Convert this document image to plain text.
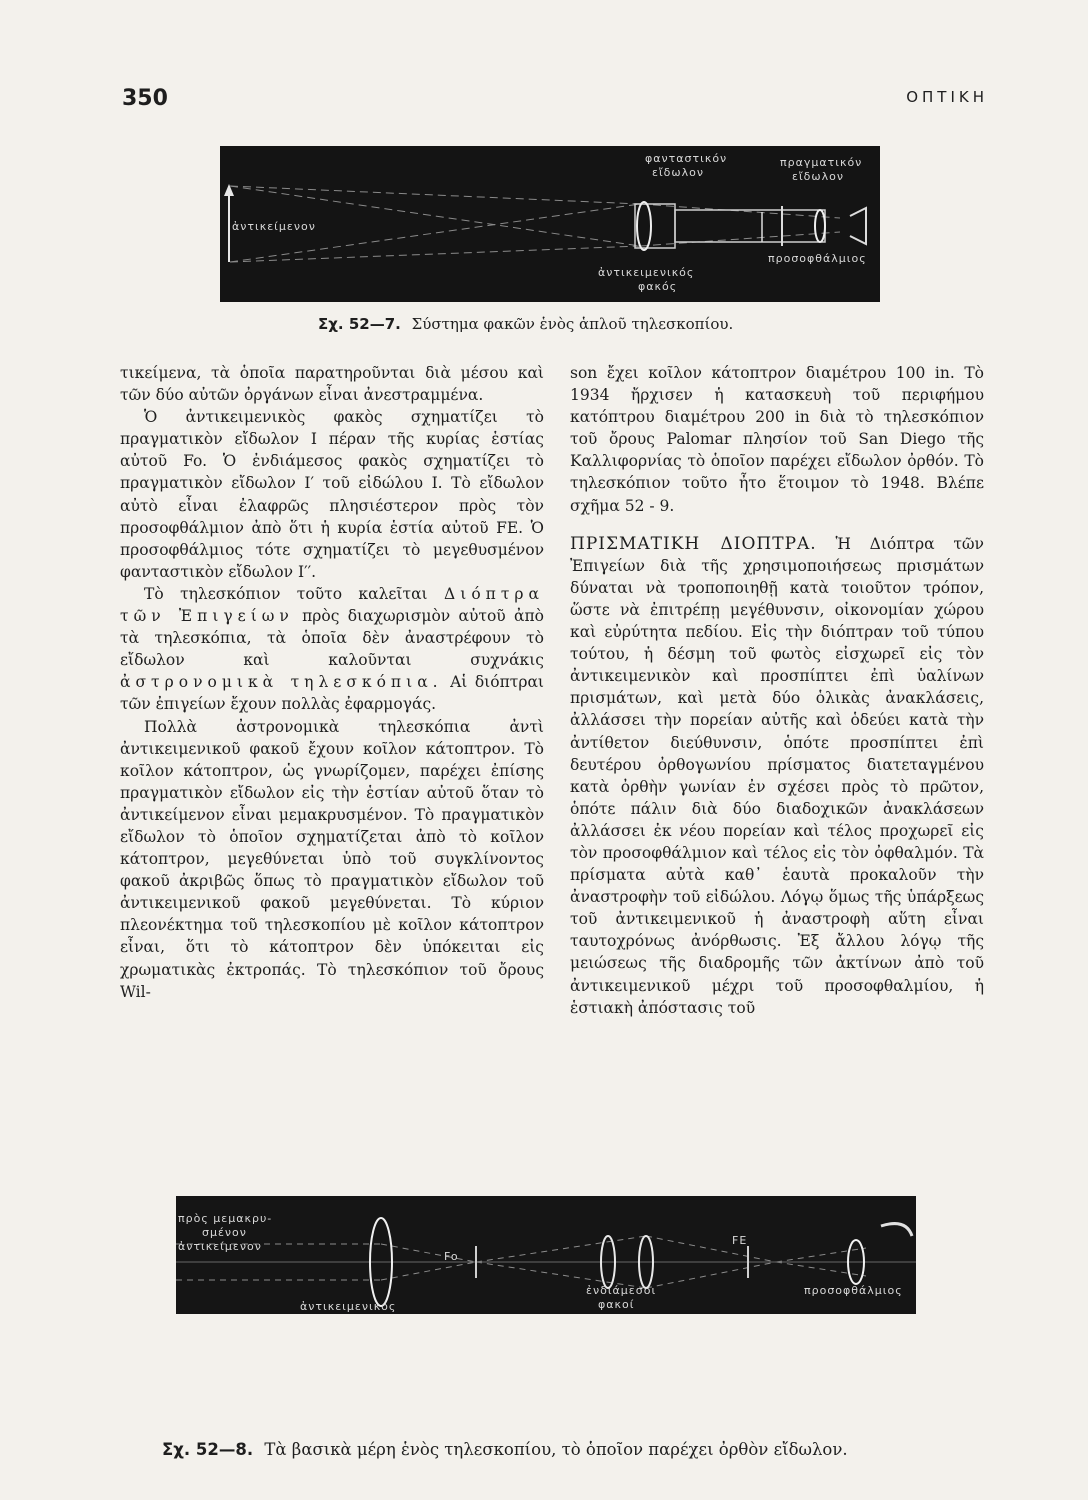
350	ΟΠΤΙΚΗ
ἀντικείμενον
φανταστικόν
εἴδωλον
πραγματικόν
εἴδωλον
ἀντικειμενικός
φακός
προσοφθάλμιος
Σχ. 52—7. Σύστημα φακῶν ἑνὸς ἁπλοῦ τηλεσκοπίου.

τικείμενα, τὰ ὁποῖα παρατηροῦνται διὰ μέσου καὶ τῶν δύο αὐτῶν ὀργάνων εἶναι ἀνεστραμμένα.

Ὁ ἀντικειμενικὸς φακὸς σχηματίζει τὸ πραγματικὸν εἴδωλον I πέραν τῆς κυρίας ἑστίας αὐτοῦ Fo. Ὁ ἐνδιάμεσος φακὸς σχηματίζει τὸ πραγματικὸν εἴδωλον I′ τοῦ εἰδώλου I. Τὸ εἴδωλον αὐτὸ εἶναι ἐλαφρῶς πλησιέστερον πρὸς τὸν προσοφθάλμιον ἀπὸ ὅτι ἡ κυρία ἑστία αὐτοῦ FE. Ὁ προσοφθάλμιος τότε σχηματίζει τὸ μεγεθυσμένον φανταστικὸν εἴδωλον I′′.

Τὸ τηλεσκόπιον τοῦτο καλεῖται Διόπτρα τῶν Ἐπιγείων πρὸς διαχωρισμὸν αὐτοῦ ἀπὸ τὰ τηλεσκόπια, τὰ ὁποῖα δὲν ἀναστρέφουν τὸ εἴδωλον καὶ καλοῦνται συχνάκις ἀστρονομικὰ τηλεσκόπια. Αἱ διόπτραι τῶν ἐπιγείων ἔχουν πολλὰς ἐφαρμογάς.

Πολλὰ ἀστρονομικὰ τηλεσκόπια ἀντὶ ἀντικειμενικοῦ φακοῦ ἔχουν κοῖλον κάτοπτρον. Τὸ κοῖλον κάτοπτρον, ὡς γνωρίζομεν, παρέχει ἐπίσης πραγματικὸν εἴδωλον εἰς τὴν ἑστίαν αὐτοῦ ὅταν τὸ ἀντικείμενον εἶναι μεμακρυσμένον. Τὸ πραγματικὸν εἴδωλον τὸ ὁποῖον σχηματίζεται ἀπὸ τὸ κοῖλον κάτοπτρον, μεγεθύνεται ὑπὸ τοῦ συγκλίνοντος φακοῦ ἀκριβῶς ὅπως τὸ πραγματικὸν εἴδωλον τοῦ ἀντικειμενικοῦ φακοῦ μεγεθύνεται. Τὸ κύριον πλεονέκτημα τοῦ τηλεσκοπίου μὲ κοῖλον κάτοπτρον εἶναι, ὅτι τὸ κάτοπτρον δὲν ὑπόκειται εἰς χρωματικὰς ἐκτροπάς. Τὸ τηλεσκόπιον τοῦ ὄρους Wil-

son ἔχει κοῖλον κάτοπτρον διαμέτρου 100 in. Τὸ 1934 ἤρχισεν ἡ κατασκευὴ τοῦ περιφήμου κατόπτρου διαμέτρου 200 in διὰ τὸ τηλεσκόπιον τοῦ ὄρους Palomar πλησίον τοῦ San Diego τῆς Καλλιφορνίας τὸ ὁποῖον παρέχει εἴδωλον ὀρθόν. Τὸ τηλεσκόπιον τοῦτο ἦτο ἕτοιμον τὸ 1948. Βλέπε σχῆμα 52 - 9.

ΠΡΙΣΜΑΤΙΚΗ ΔΙΟΠΤΡΑ. Ἡ Διόπτρα τῶν Ἐπιγείων διὰ τῆς χρησιμοποιήσεως πρισμάτων δύναται νὰ τροποποιηθῇ κατὰ τοιοῦτον τρόπον, ὥστε νὰ ἐπιτρέπῃ μεγέθυνσιν, οἰκονομίαν χώρου καὶ εὐρύτητα πεδίου. Εἰς τὴν διόπτραν τοῦ τύπου τούτου, ἡ δέσμη τοῦ φωτὸς εἰσχωρεῖ εἰς τὸν ἀντικειμενικὸν καὶ προσπίπτει ἐπὶ ὑαλίνων πρισμάτων, καὶ μετὰ δύο ὁλικὰς ἀνακλάσεις, ἀλλάσσει τὴν πορείαν αὐτῆς καὶ ὁδεύει κατὰ τὴν ἀντίθετον διεύθυνσιν, ὁπότε προσπίπτει ἐπὶ δευτέρου ὀρθογωνίου πρίσματος διατεταγμένου κατὰ ὀρθὴν γωνίαν ἐν σχέσει πρὸς τὸ πρῶτον, ὁπότε πάλιν διὰ δύο διαδοχικῶν ἀνακλάσεων ἀλλάσσει ἐκ νέου πορείαν καὶ τέλος προχωρεῖ εἰς τὸν προσοφθάλμιον καὶ τέλος εἰς τὸν ὀφθαλμόν. Τὰ πρίσματα αὐτὰ καθ᾽ ἑαυτὰ προκαλοῦν τὴν ἀναστροφὴν τοῦ εἰδώλου. Λόγῳ ὅμως τῆς ὑπάρξεως τοῦ ἀντικειμενικοῦ ἡ ἀναστροφὴ αὕτη εἶναι ταυτοχρόνως ἀνόρθωσις. Ἐξ ἄλλου λόγῳ τῆς μειώσεως τῆς διαδρομῆς τῶν ἀκτίνων ἀπὸ τοῦ ἀντικειμενικοῦ μέχρι τοῦ προσοφθαλμίου, ἡ ἑστιακὴ ἀπόστασις τοῦ

πρὸς μεμακρυ-
σμένον
ἀντικείμενον
ἀντικειμενικός
Fo
ἐνδιάμεσοι
φακοί
FE
προσοφθάλμιος
Σχ. 52—8. Τὰ βασικὰ μέρη ἑνὸς τηλεσκοπίου, τὸ ὁποῖον παρέχει ὀρθὸν εἴδωλον.
